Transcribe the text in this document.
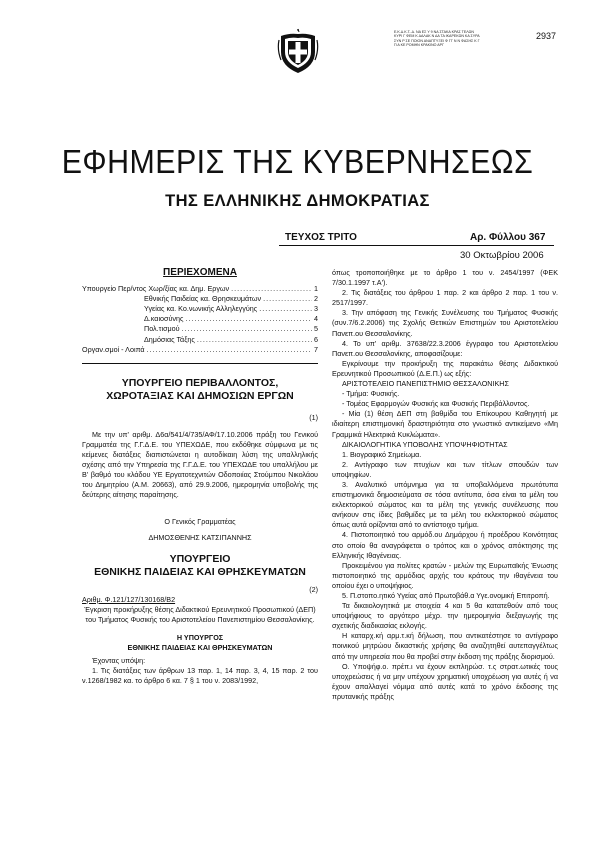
Ε.Κ.Δ.Κ.Τ.-Δ. ΝΑ ΕΣ Υ 9 ΝΑ ΣΤΑΚΑ ΚΡΑΣ ΤΕΛΩΝ ΚΥΡΙ Γ ΦΕΜ Κ ΔΑΛΑΚ Ν ΔΑ ΤΑ ΙΚΑΡΕΚΩΝ ΚΑ ΣΥΡΑ ΣΥΝ Ρ ΣΕ ΠΟΙΟΝ ΑΝΑΠΤΥΞΕΙ Φ ΓΓ Ν Ν ΦΑΣΗΣ Κ Γ Π Α ΚΕ ΡΟΜΗΝ ΚΡΑΚΙΝΟ ΑΡΓ
2937
ΕΦΗΜΕΡΙΣ ΤΗΣ ΚΥΒΕΡΝΗΣΕΩΣ
ΤΗΣ ΕΛΛΗΝΙΚΗΣ ΔΗΜΟΚΡΑΤΙΑΣ
ΤΕΥΧΟΣ ΤΡΙΤΟ	Αρ. Φύλλου 367
30 Οκτωβρίου 2006
ΠΕΡΙΕΧΟΜΕΝΑ
Υπουργείο Περ/ντος Χωρ/ξίας κα. Δημ. Εργων .....	1
Εθνικής Παιδείας κα. Θρησκευμάτων .....	2
Υγείας κα. Κο.νωνικής Αλληλεγγύης .....	3
Δ.καιοσύνης .....	4
Πολ.τισμού .....	5
Δημόσιας Τάξης .....	6
Οργαν.σμοί - Λοιπά .....	7
ΥΠΟΥΡΓΕΙΟ ΠΕΡΙΒΑΛΛΟΝΤΟΣ,
ΧΩΡΟΤΑΞΙΑΣ ΚΑΙ ΔΗΜΟΣΙΩΝ ΕΡΓΩΝ
(1)

Με την υπ' αριθμ. Δ6α/541/4/735/ΑΦ/17.10.2006 πράξη του Γενικού Γραμματέα της Γ.Γ.Δ.Ε. του ΥΠΕΧΩΔΕ, που εκδόθηκε σύμφωνα με τις κείμενες διατάξεις διαπιστώνεται η αυτοδίκαιη λύση της υπαλληλικής σχέσης από την Υπηρεσία της Γ.Γ.Δ.Ε. του ΥΠΕΧΩΔΕ του υπαλλήλου με Β' βαθμό του κλάδου ΥΕ Εργατοτεχνιτών Οδοποιίας Στούμπου Νικολάου του Δημητρίου (Α.Μ. 20663), από 29.9.2006, ημερομηνία υποβολής της δεύτερης αίτησης παραίτησης.

Ο Γενικός Γραμματέας
ΔΗΜΟΣΘΕΝΗΣ ΚΑΤΣΙΠΑΝΝΗΣ
ΥΠΟΥΡΓΕΙΟ
ΕΘΝΙΚΗΣ ΠΑΙΔΕΙΑΣ ΚΑΙ ΘΡΗΣΚΕΥΜΑΤΩΝ
(2)
Αριθμ. Φ.121/127/130168/Β2

Έγκριση προκήρυξης θέσης Διδακτικού Ερευνητικού Προσωπικού (ΔΕΠ) του Τμήματος Φυσικής του Αριστοτελείου Πανεπιστημίου Θεσσαλονίκης.

Η ΥΠΟΥΡΓΟΣ
ΕΘΝΙΚΗΣ ΠΑΙΔΕΙΑΣ ΚΑΙ ΘΡΗΣΚΕΥΜΑΤΩΝ
Έχοντας υπόψη:

1. Τις διατάξεις των άρθρων 13 παρ. 1, 14 παρ. 3, 4, 15 παρ. 2 του ν.1268/1982 κα. το άρθρο 6 κα. 7 § 1 του ν. 2083/1992,

όπως τροποποιήθηκε με το άρθρο 1 του ν. 2454/1997 (ΦΕΚ 7/30.1.1997 τ.Α').

2. Τις διατάξεις του άρθρου 1 παρ. 2 και άρθρο 2 παρ. 1 του ν. 2517/1997.

3. Την απόφαση της Γενικής Συνέλευσης του Τμήματος Φυσικής (συν.7/6.2.2006) της Σχολής Θετικών Επιστημών του Αριστοτελείου Πανεπ.ου Θεσσαλονίκης.

4. Το υπ' αριθμ. 37638/22.3.2006 έγγραφο του Αριστοτελείου Πανεπ.ου Θεσσαλονίκης, αποφασίζουμε:

Εγκρίνουμε την προκήρυξη της παρακάτω θέσης Διδακτικού Ερευνητικού Προσωπικού (Δ.Ε.Π.) ως εξής:

ΑΡΙΣΤΟΤΕΛΕΙΟ ΠΑΝΕΠΙΣΤΗΜΙΟ ΘΕΣΣΑΛΟΝΙΚΗΣ

- Τμήμα: Φυσικής.

- Τομέας Εφαρμογών Φυσικής και Φυσικής Περιβάλλοντος.

- Μία (1) θέση ΔΕΠ στη βαθμίδα του Επίκουρου Καθηγητή με ιδιαίτερη επιστημονική δραστηριότητα στο γνωστικό αντικείμενο «Μη Γραμμικά Ηλεκτρικά Κυκλώματα».

ΔΙΚΑΙΟΛΟΓΗΤΙΚΑ ΥΠΟΒΟΛΗΣ ΥΠΟΨΗΦΙΟΤΗΤΑΣ

1. Βιογραφικό Σημείωμα.

2. Αντίγραφο των πτυχίων και των τίτλων σπουδών των υποψηφίων.

3. Αναλυτικό υπόμνημα για τα υποβαλλόμενα πρωτότυπα επιστημονικά δημοσιεύματα σε τόσα αντίτυπα, όσα είναι τα μέλη του εκλεκτορικού σώματος και τα μέλη της γενικής συνέλευσης που ανήκουν στις ίδιες βαθμίδες με τα μέλη του εκλεκτορικού σώματος όπως αυτά ορίζονται από το αντίστοιχο τμήμα.

4. Πιστοποιητικό του αρμόδ.ου Δημάρχου ή προέδρου Κοινότητας στο οποίο θα αναγράφεται ο τρόπος και ο χρόνος απόκτησης της Ελληνικής Ιθαγένειας.

Προκειμένου για πολίτες κρατών - μελών της Ευρωπαϊκής Ένωσης πιστοποιητικό της αρμόδιας αρχής του κράτους την ιθαγένεια του οποίου έχει ο υποψήφιος.

5. Π.στοπο.ητικό Υγείας από Πρωτοβάθ.α Υγε.ονομική Επιτροπή.

Τα δικαιολογητικά με στοιχεία 4 και 5 θα κατατεθούν από τους υποψήφιους το αργότερο μέχρ. την ημερομηνία διεξαγωγής της σχετικής διαδικασίας εκλογής.

Η καταρχ.κή αρμ.τ.κή δήλωση, που αντικατέστησε το αντίγραφο ποινικού μητρώου δικαστικής χρήσης θα αναζητηθεί αυτεπαγγέλτως από την υπηρεσία που θα προβεί στην έκδοση της πράξης διορισμού.

Ο. Υποψήφ.ο. πρέπ.ι να έχουν εκπληρώσ. τ.ς στρατ.ωτικές τους υποχρεώσεις ή να μην υπέχουν χρηματική υποχρέωση για αυτές ή να έχουν απαλλαγεί νόμιμα από αυτές κατά το χρόνο έκδοσης της πρυτανικής πράξης
